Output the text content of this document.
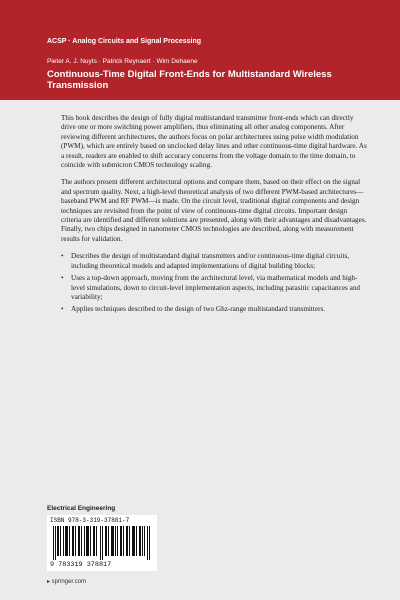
ACSP · Analog Circuits and Signal Processing
Pieter A. J. Nuyts · Patrick Reynaert · Wim Dehaene
Continuous-Time Digital Front-Ends for Multistandard Wireless Transmission

This book describes the design of fully digital multistandard transmitter front-ends which can directly drive one or more switching power amplifiers, thus eliminating all other analog components. After reviewing different architectures, the authors focus on polar architectures using pulse width modulation (PWM), which are entirely based on unclocked delay lines and other continuous-time digital hardware. As a result, readers are enabled to shift accuracy concerns from the voltage domain to the time domain, to coincide with submicron CMOS technology scaling.

The authors present different architectural options and compare them, based on their effect on the signal and spectrum quality. Next, a high-level theoretical analysis of two different PWM-based architectures—baseband PWM and RF PWM—is made. On the circuit level, traditional digital components and design techniques are revisited from the point of view of continuous-time digital circuits. Important design criteria are identified and different solutions are presented, along with their advantages and disadvantages. Finally, two chips designed in nanometer CMOS technologies are described, along with measurement results for validation.

• Describes the design of multistandard digital transmitters and/or continuous-time digital circuits, including theoretical models and adapted implementations of digital building blocks;
• Uses a top-down approach, moving from the architectural level, via mathematical models and high-level simulations, down to circuit-level implementation aspects, including parasitic capacitances and variability;
• Applies techniques described to the design of two Ghz-range multistandard transmitters.
Electrical Engineering
ISBN 978-3-319-37881-7
9 783319 378817
▸ springer.com
